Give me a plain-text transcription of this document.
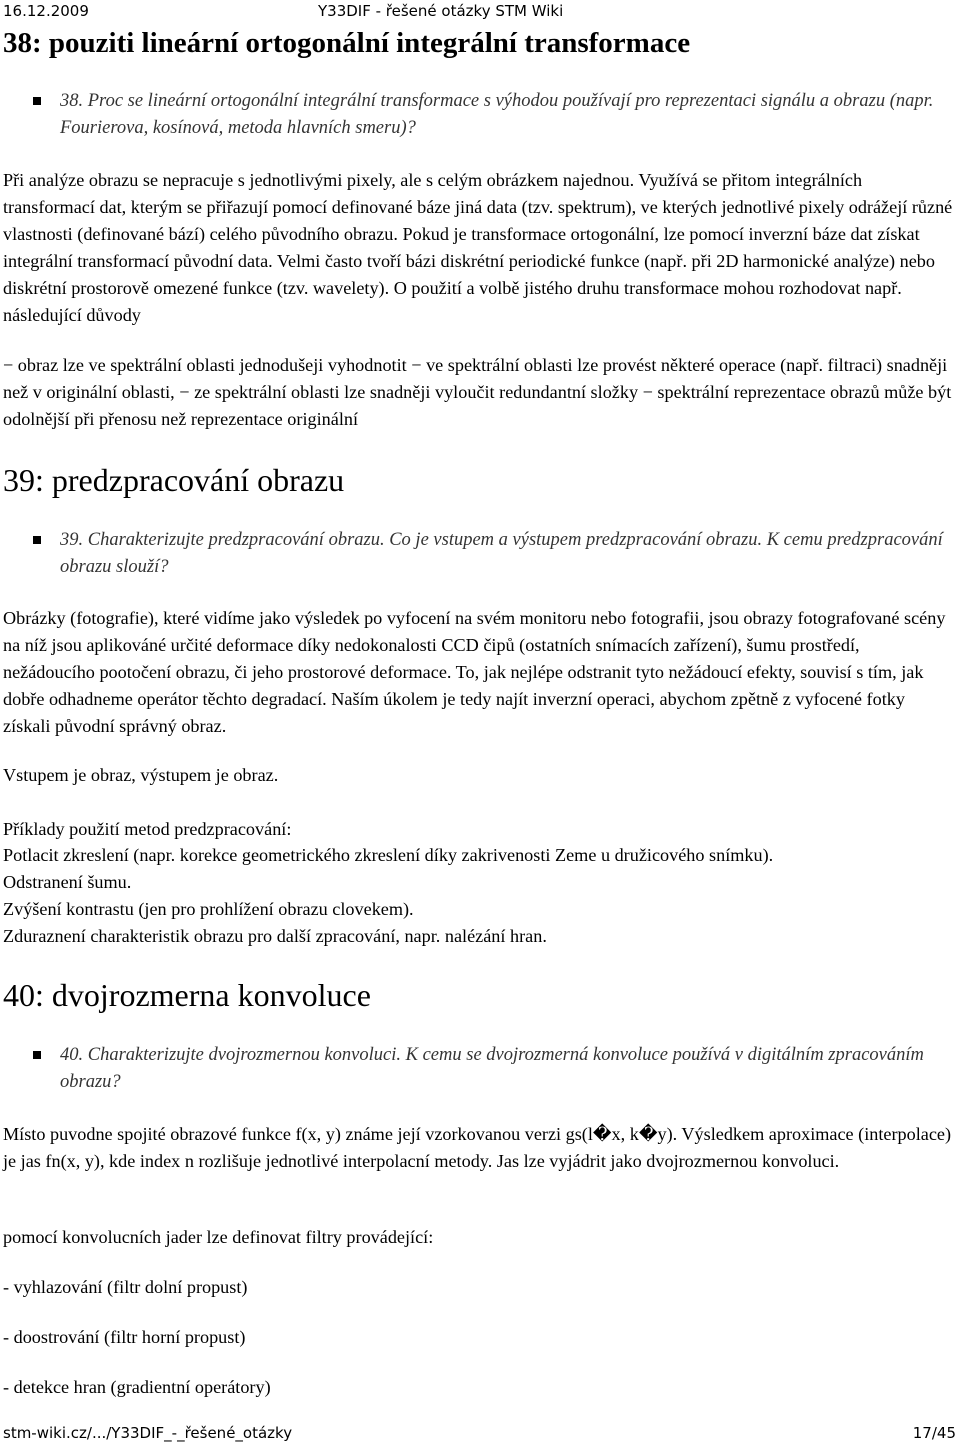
16.12.2009	Y33DIF - řešené otázky STM Wiki
38: pouziti lineární ortogonální integrální transformace
38. Proc se lineární ortogonální integrální transformace s výhodou používají pro reprezentaci signálu a obrazu (napr. Fourierova, kosínová, metoda hlavních smeru)?
Při analýze obrazu se nepracuje s jednotlivými pixely, ale s celým obrázkem najednou. Využívá se přitom integrálních transformací dat, kterým se přiřazují pomocí definované báze jiná data (tzv. spektrum), ve kterých jednotlivé pixely odrážejí různé vlastnosti (definované bází) celého původního obrazu. Pokud je transformace ortogonální, lze pomocí inverzní báze dat získat integrální transformací původní data. Velmi často tvoří bázi diskrétní periodické funkce (např. při 2D harmonické analýze) nebo diskrétní prostorově omezené funkce (tzv. wavelety). O použití a volbě jistého druhu transformace mohou rozhodovat např. následující důvody
− obraz lze ve spektrální oblasti jednodušeji vyhodnotit − ve spektrální oblasti lze provést některé operace (např. filtraci) snadněji než v originální oblasti, − ze spektrální oblasti lze snadněji vyloučit redundantní složky − spektrální reprezentace obrazů může být odolnější při přenosu než reprezentace originální
39: predzpracování obrazu
39. Charakterizujte predzpracování obrazu. Co je vstupem a výstupem predzpracování obrazu. K cemu predzpracování obrazu slouží?
Obrázky (fotografie), které vidíme jako výsledek po vyfocení na svém monitoru nebo fotografii, jsou obrazy fotografované scény na níž jsou aplikováné určité deformace díky nedokonalosti CCD čipů (ostatních snímacích zařízení), šumu prostředí, nežádoucího pootočení obrazu, či jeho prostorové deformace. To, jak nejlépe odstranit tyto nežádoucí efekty, souvisí s tím, jak dobře odhadneme operátor těchto degradací. Naším úkolem je tedy najít inverzní operaci, abychom zpětně z vyfocené fotky získali původní správný obraz.
Vstupem je obraz, výstupem je obraz.
Příklady použití metod predzpracování:
Potlacit zkreslení (napr. korekce geometrického zkreslení díky zakrivenosti Zeme u družicového snímku).
Odstranení šumu.
Zvýšení kontrastu (jen pro prohlížení obrazu clovekem).
Zduraznení charakteristik obrazu pro další zpracování, napr. nalézání hran.
40: dvojrozmerna konvoluce
40. Charakterizujte dvojrozmernou konvoluci. K cemu se dvojrozmerná konvoluce používá v digitálním zpracováním obrazu?
Místo puvodne spojité obrazové funkce f(x, y) známe její vzorkovanou verzi gs(l�x, k�y). Výsledkem aproximace (interpolace) je jas fn(x, y), kde index n rozlišuje jednotlivé interpolacní metody. Jas lze vyjádrit jako dvojrozmernou konvoluci.
pomocí konvolucních jader lze definovat filtry provádející:
- vyhlazování (filtr dolní propust)
- doostrování (filtr horní propust)
- detekce hran (gradientní operátory)
stm-wiki.cz/.../Y33DIF_-_řešené_otázky	17/45
